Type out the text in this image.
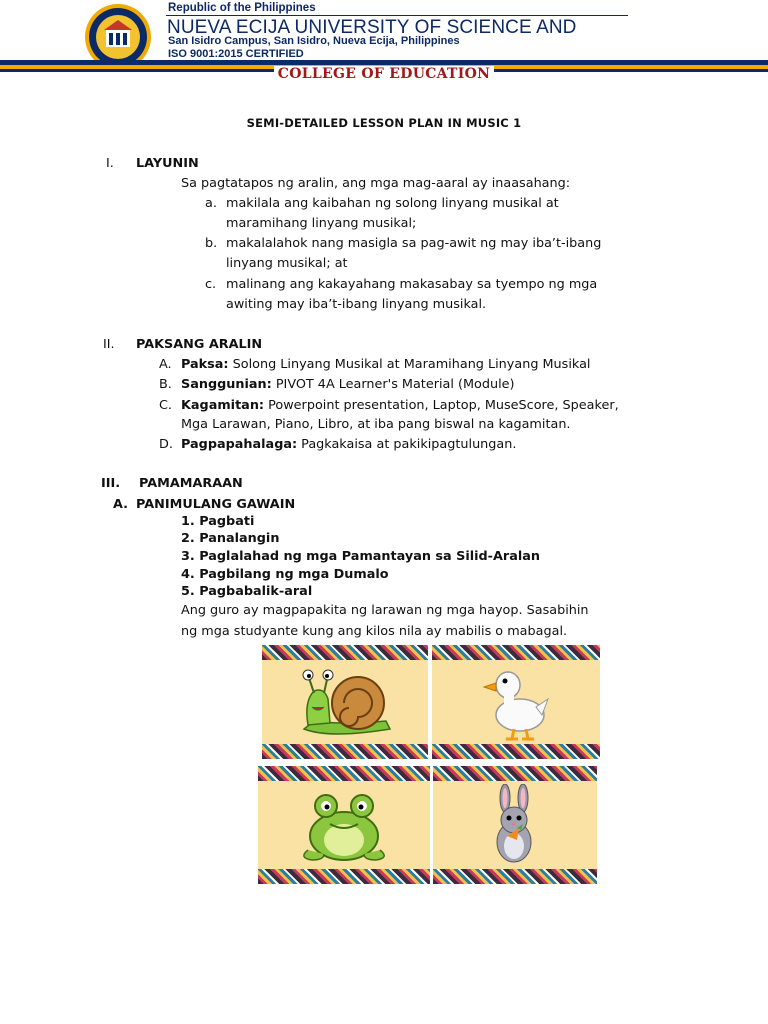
Republic of the Philippines
NUEVA ECIJA UNIVERSITY OF SCIENCE AND
San Isidro Campus, San Isidro, Nueva Ecija, Philippines
ISO 9001:2015 CERTIFIED
COLLEGE OF EDUCATION
SEMI-DETAILED LESSON PLAN IN MUSIC 1
I. LAYUNIN
Sa pagtatapos ng aralin, ang mga mag-aaral ay inaasahang:
a. makilala ang kaibahan ng solong linyang musikal at
maramihang linyang musikal;
b. makalalahok nang masigla sa pag-awit ng may iba’t-ibang
linyang musikal; at
c. malinang ang kakayahang makasabay sa tyempo ng mga
awiting may iba’t-ibang linyang musikal.
II. PAKSANG ARALIN
A. Paksa: Solong Linyang Musikal at Maramihang Linyang Musikal
B. Sanggunian: PIVOT 4A Learner's Material (Module)
C. Kagamitan: Powerpoint presentation, Laptop, MuseScore, Speaker,
Mga Larawan, Piano, Libro, at iba pang biswal na kagamitan.
D. Pagpapahalaga: Pagkakaisa at pakikipagtulungan.
III. PAMAMARAAN
A. PANIMULANG GAWAIN
1. Pagbati
2. Panalangin
3. Paglalahad ng mga Pamantayan sa Silid-Aralan
4. Pagbilang ng mga Dumalo
5. Pagbabalik-aral
Ang guro ay magpapakita ng larawan ng mga hayop. Sasabihin
ng mga studyante kung ang kilos nila ay mabilis o mabagal.
